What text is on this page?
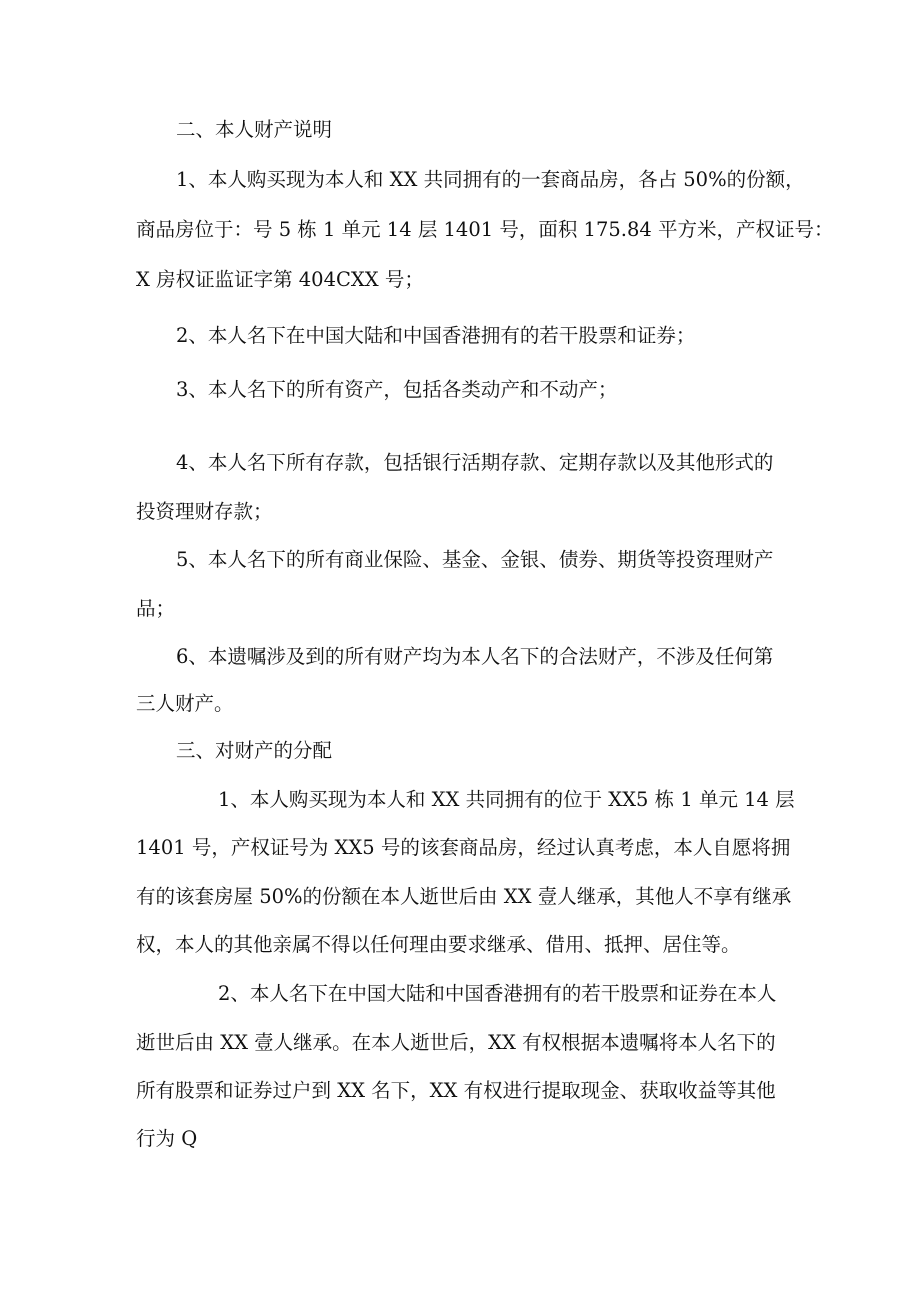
二、本人财产说明
1、本人购买现为本人和 XX 共同拥有的一套商品房，各占 50%的份额，
商品房位于：号 5 栋 1 单元 14 层 1401 号，面积 175.84 平方米，产权证号：
X 房权证监证字第 404CXX 号；
2、本人名下在中国大陆和中国香港拥有的若干股票和证券；
3、本人名下的所有资产，包括各类动产和不动产；
4、本人名下所有存款，包括银行活期存款、定期存款以及其他形式的
投资理财存款；
5、本人名下的所有商业保险、基金、金银、债券、期货等投资理财产
品；
6、本遗嘱涉及到的所有财产均为本人名下的合法财产，不涉及任何第
三人财产。
三、对财产的分配
1、本人购买现为本人和 XX 共同拥有的位于 XX5 栋 1 单元 14 层
1401 号，产权证号为 XX5 号的该套商品房，经过认真考虑，本人自愿将拥
有的该套房屋 50%的份额在本人逝世后由 XX 壹人继承，其他人不享有继承
权，本人的其他亲属不得以任何理由要求继承、借用、抵押、居住等。
2、本人名下在中国大陆和中国香港拥有的若干股票和证券在本人
逝世后由 XX 壹人继承。在本人逝世后，XX 有权根据本遗嘱将本人名下的
所有股票和证券过户到 XX 名下，XX 有权进行提取现金、获取收益等其他
行为 Q
